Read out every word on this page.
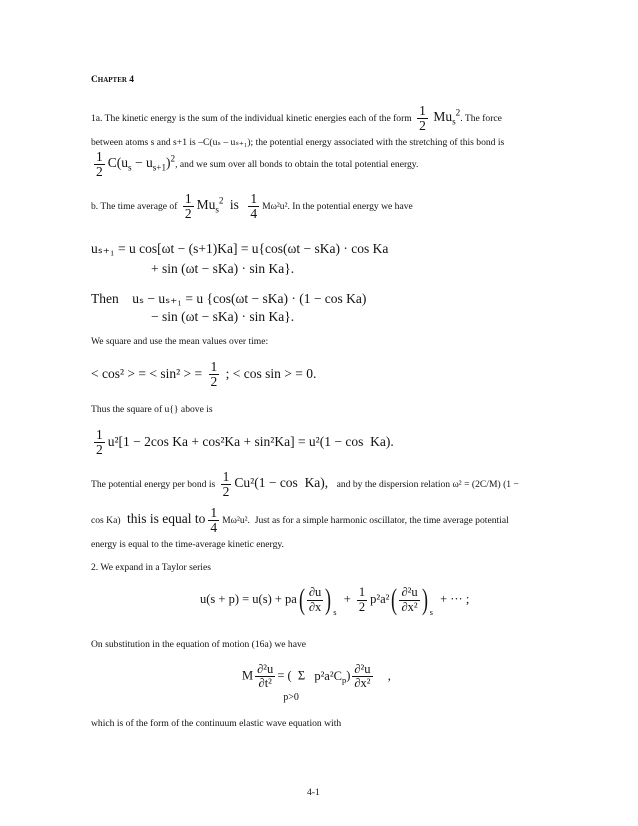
Chapter 4
1a. The kinetic energy is the sum of the individual kinetic energies each of the form $\frac{1}{2} Mu_s^2$. The force
between atoms s and s+1 is –C(uₛ – uₛ₊₁); the potential energy associated with the stretching of this bond is
$\frac{1}{2} C(u_s - u_{s+1})^2$, and we sum over all bonds to obtain the total potential energy.
b. The time average of $\frac{1}{2} Mu_s^2$ is $\frac{1}{4} M\omega^2u^2$. In the potential energy we have
uₛ₊₁ = u cos[ωt − (s+1)Ka] = u{cos(ωt − sKa) · cos Ka
+ sin (ωt − sKa) · sin Ka}.
Then    uₛ − uₛ₊₁ = u {cos(ωt − sKa) · (1 − cos Ka)
− sin (ωt − sKa) · sin Ka}.
We square and use the mean values over time:
< cos² > = < sin² > = $\frac{1}{2}$ ; < cos sin > = 0.
Thus the square of u{} above is
$\frac{1}{2} u^2[1 - 2\cos$ Ka + cos²Ka + sin²Ka] = u²(1 − cos  Ka).
The potential energy per bond is $\frac{1}{2} Cu^2(1 - \cos Ka)$, and by the dispersion relation ω² = (2C/M) (1 −
cos Ka) this is equal to $\frac{1}{4} M\omega^2u^2$.  Just as for a simple harmonic oscillator, the time average potential
energy is equal to the time-average kinetic energy.
2. We expand in a Taylor series
$u(s + p) = u(s) + pa( \frac{\partial u}{\partial x}$ ) $_s + \frac{1}{2} p^2a^2( \frac{\text{∂²u}}{\text{∂x²}}$ ) $_s$ + ··· ;
On substitution in the equation of motion (16a) we have
M $\frac{\text{∂²u}}{\text{∂t²}}$ = (  Σ
p>0
$p^2a^2C_p) \frac{\text{∂²u}}{\text{∂x²}}$ ,
which is of the form of the continuum elastic wave equation with
4-1
